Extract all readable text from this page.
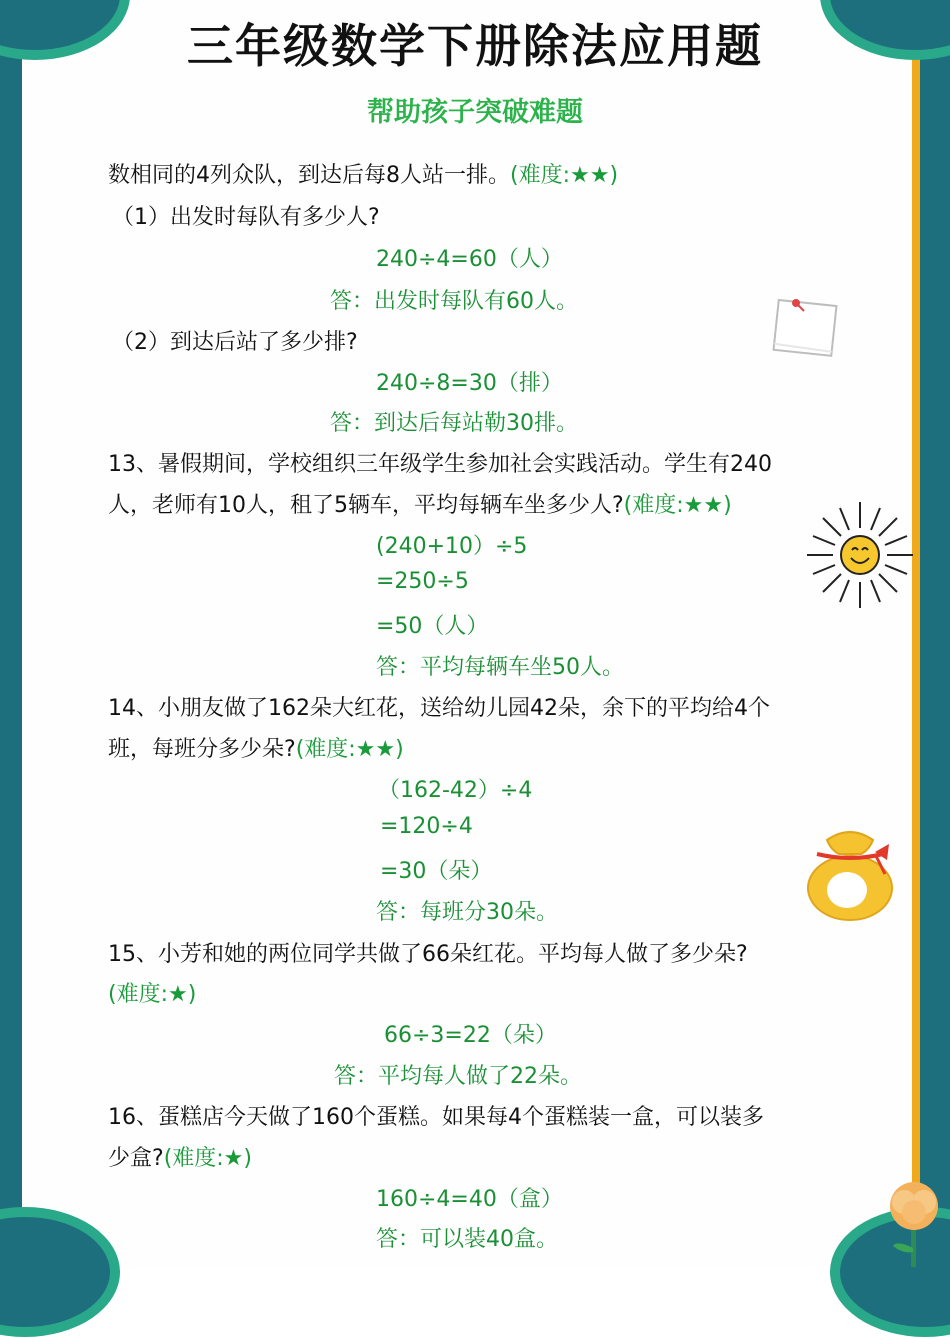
三年级数学下册除法应用题
帮助孩子突破难题
数相同的4列众队，到达后每8人站一排。(难度:★★)
（1）出发时每队有多少人?
240÷4=60（人）
答：出发时每队有60人。
（2）到达后站了多少排?
240÷8=30（排）
答：到达后每站勒30排。
13、暑假期间，学校组织三年级学生参加社会实践活动。学生有240
人，老师有10人，租了5辆车，平均每辆车坐多少人?(难度:★★)
(240+10）÷5
=250÷5
=50（人）
答：平均每辆车坐50人。
14、小朋友做了162朵大红花，送给幼儿园42朵，余下的平均给4个
班，每班分多少朵?(难度:★★)
（162-42）÷4
=120÷4
=30（朵）
答：每班分30朵。
15、小芳和她的两位同学共做了66朵红花。平均每人做了多少朵?
(难度:★)
66÷3=22（朵）
答：平均每人做了22朵。
16、蛋糕店今天做了160个蛋糕。如果每4个蛋糕装一盒，可以装多
少盒?(难度:★)
160÷4=40（盒）
答：可以装40盒。
